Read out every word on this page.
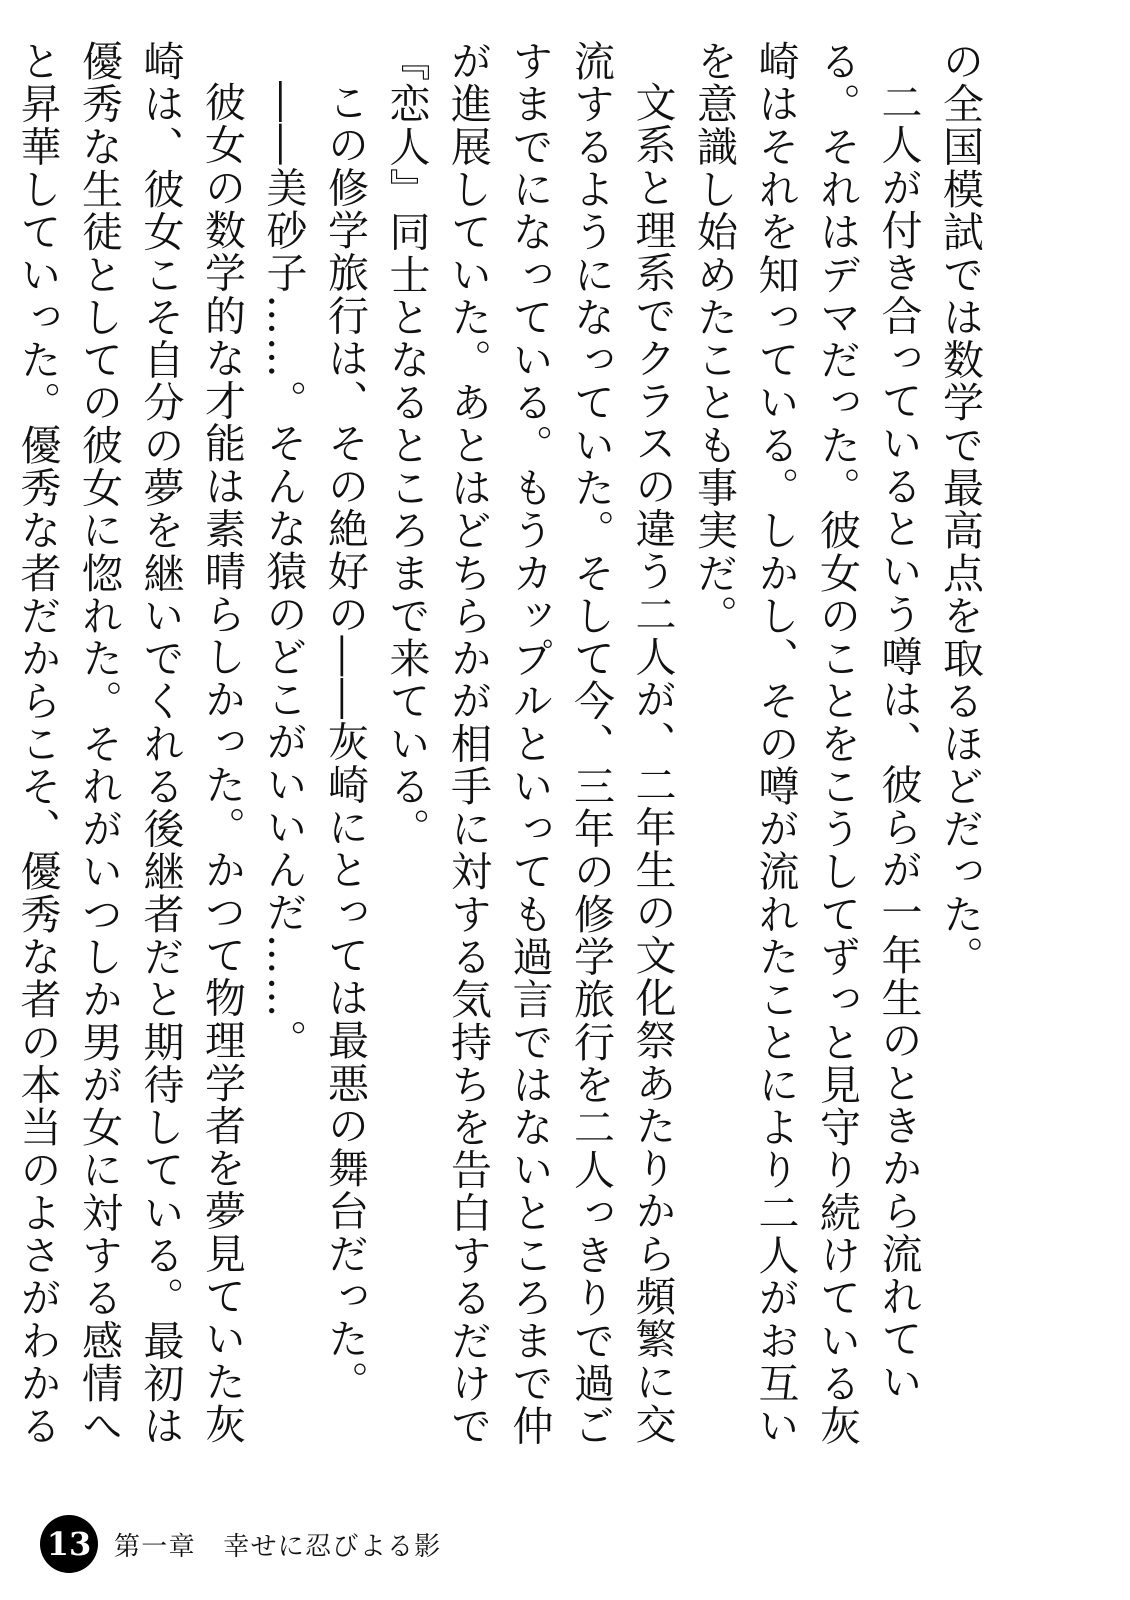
の全国模試では数学で最高点を取るほどだった。

二人が付き合っているという噂は、彼らが一年生のときから流れている。それはデマだった。彼女のことをこうしてずっと見守り続けている灰崎はそれを知っている。しかし、その噂が流れたことにより二人がお互いを意識し始めたことも事実だ。

文系と理系でクラスの違う二人が、二年生の文化祭あたりから頻繁に交流するようになっていた。そして今、三年の修学旅行を二人っきりで過ごすまでになっている。もうカップルといっても過言ではないところまで仲が進展していた。あとはどちらかが相手に対する気持ちを告白するだけで『恋人』同士となるところまで来ている。

この修学旅行は、その絶好の――灰崎にとっては最悪の舞台だった。

――美砂子……。そんな猿のどこがいいんだ……。

彼女の数学的な才能は素晴らしかった。かつて物理学者を夢見ていた灰崎は、彼女こそ自分の夢を継いでくれる後継者だと期待している。最初は優秀な生徒としての彼女に惚れた。それがいつしか男が女に対する感情へと昇華していった。優秀な者だからこそ、優秀な者の本当のよさがわかる

13 第一章　幸せに忍びよる影
